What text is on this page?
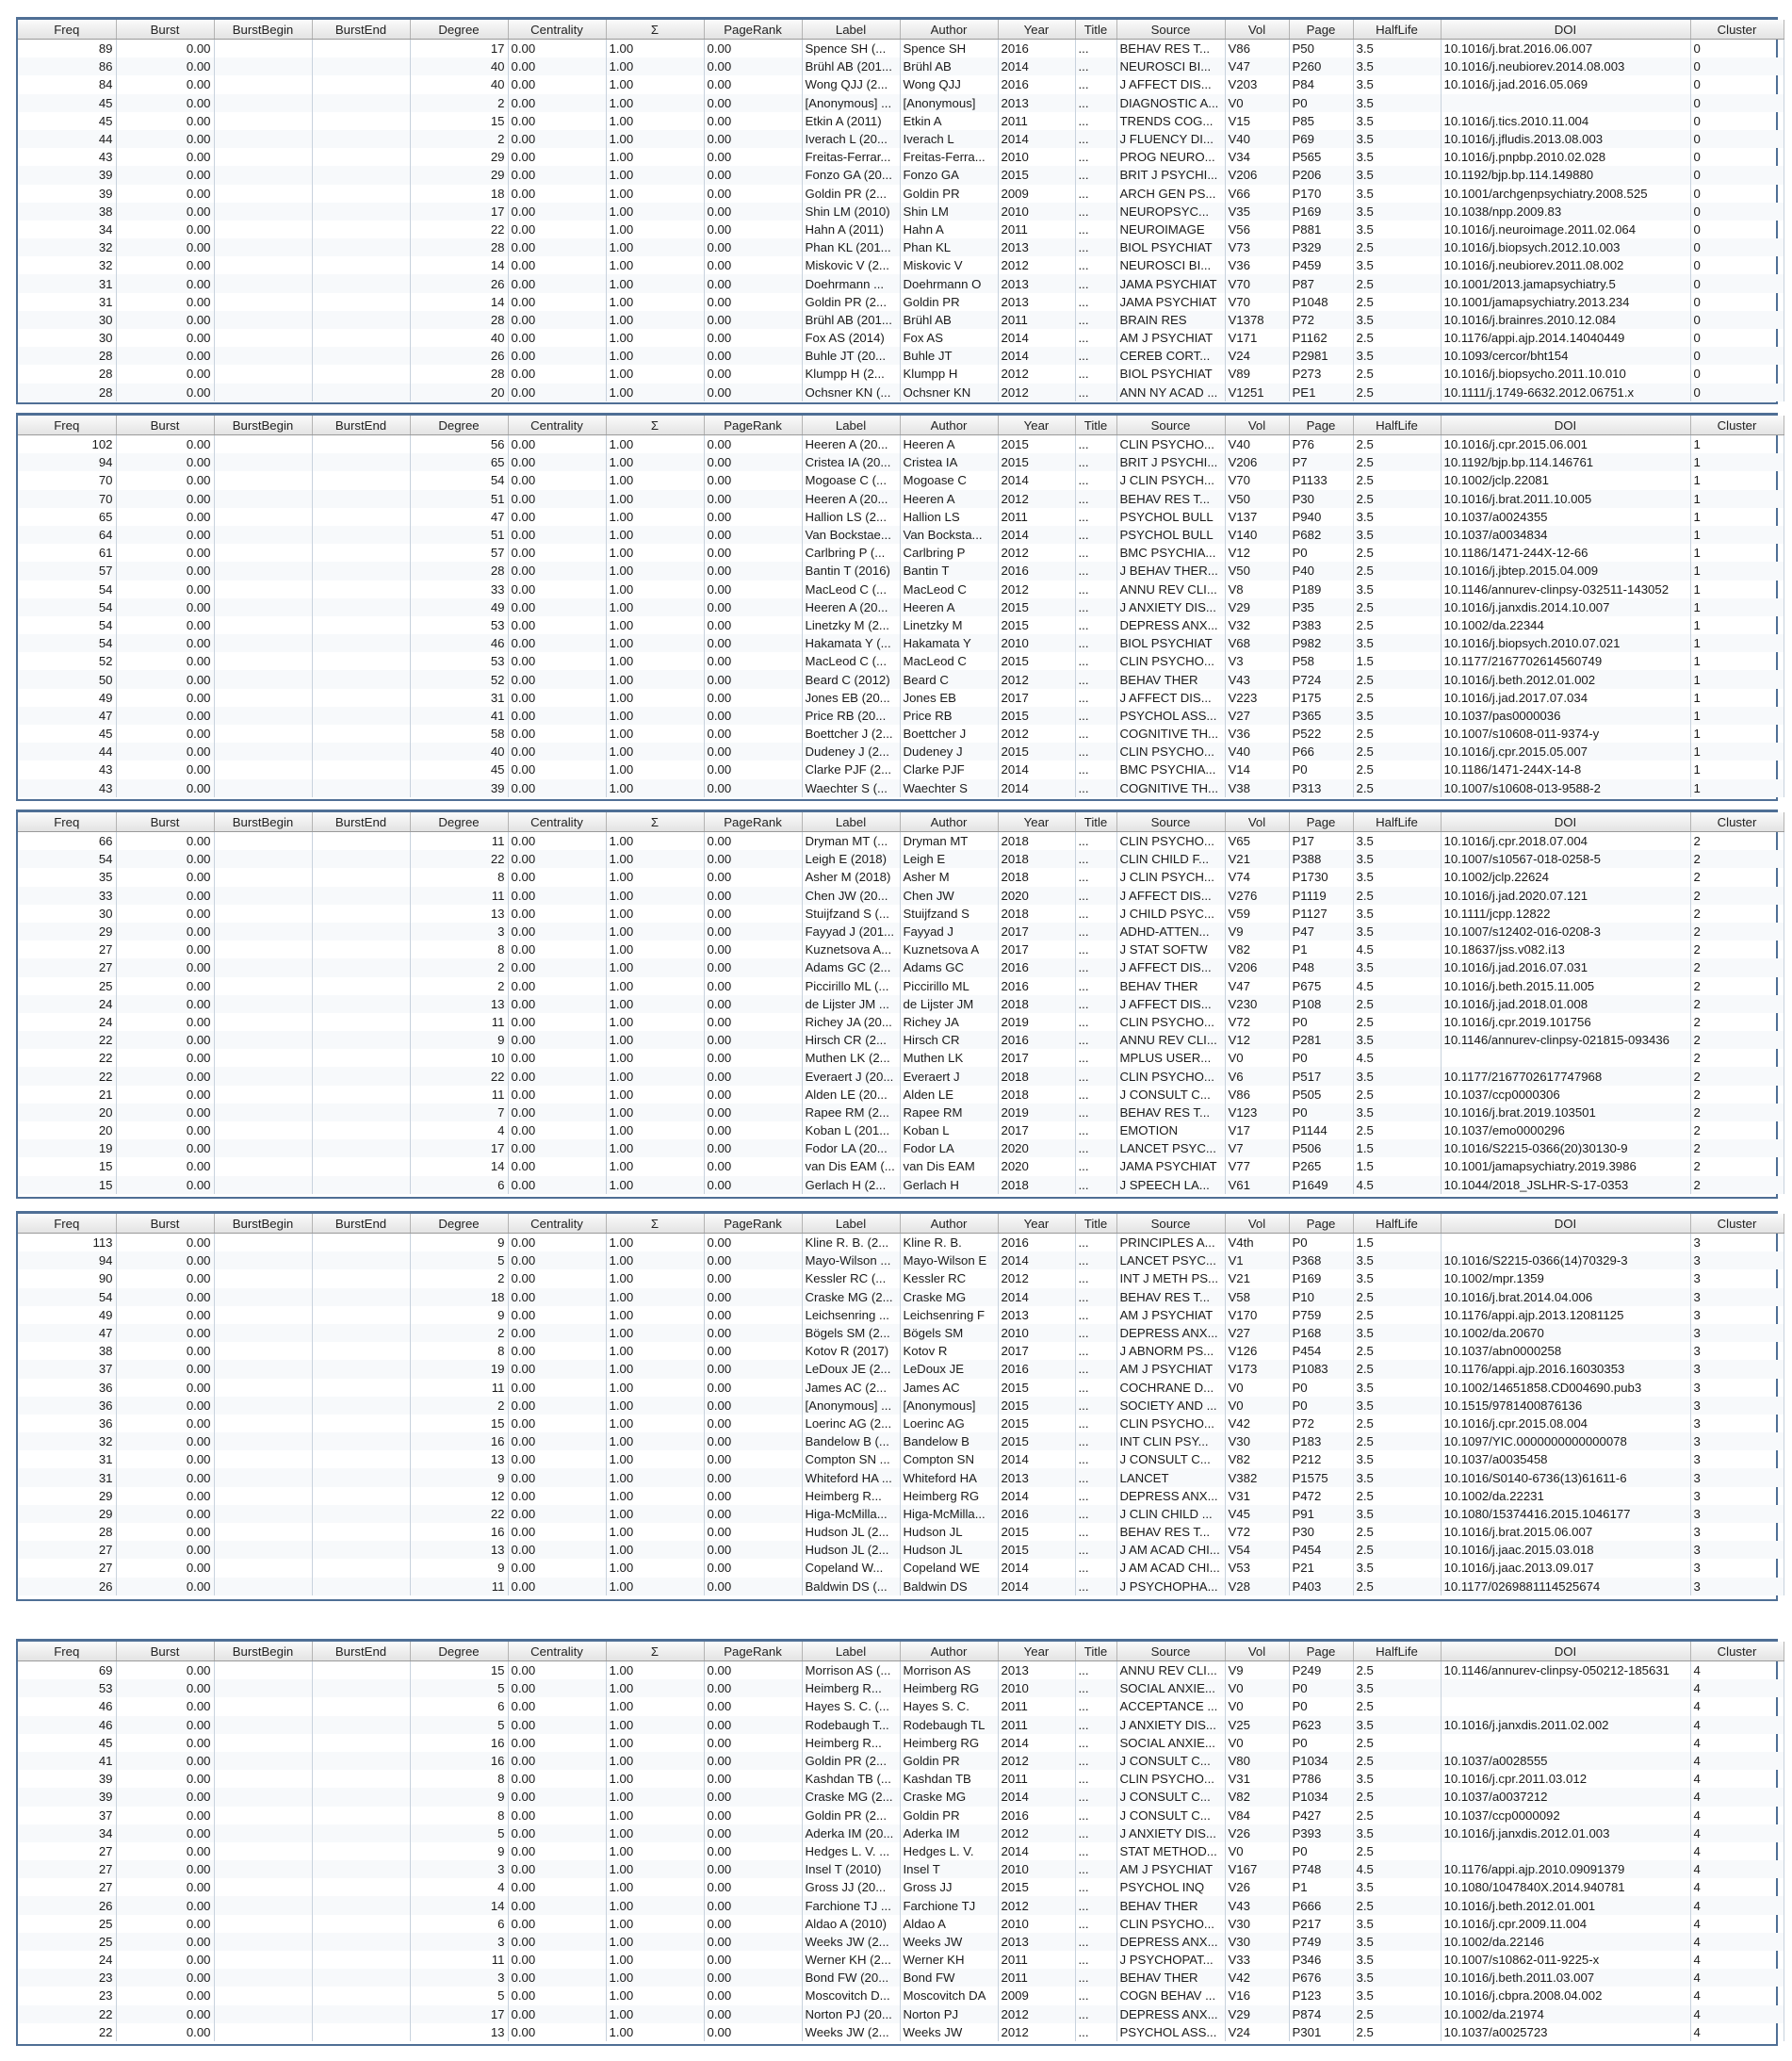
Freq	Burst	BurstBegin	BurstEnd	Degree	Centrality	Σ	PageRank	Label	Author	Year	Title	Source	Vol	Page	HalfLife	DOI	Cluster
89	0.00			17	0.00	1.00	0.00	Spence SH (...	Spence SH	2016	...	BEHAV RES T...	V86	P50	3.5	10.1016/j.brat.2016.06.007	0
86	0.00			40	0.00	1.00	0.00	Brühl AB (201...	Brühl AB	2014	...	NEUROSCI BI...	V47	P260	3.5	10.1016/j.neubiorev.2014.08.003	0
84	0.00			40	0.00	1.00	0.00	Wong QJJ (2...	Wong QJJ	2016	...	J AFFECT DIS...	V203	P84	3.5	10.1016/j.jad.2016.05.069	0
45	0.00			2	0.00	1.00	0.00	[Anonymous] ...	[Anonymous]	2013	...	DIAGNOSTIC A...	V0	P0	3.5		0
45	0.00			15	0.00	1.00	0.00	Etkin A (2011)	Etkin A	2011	...	TRENDS COG...	V15	P85	3.5	10.1016/j.tics.2010.11.004	0
44	0.00			2	0.00	1.00	0.00	Iverach L (20...	Iverach L	2014	...	J FLUENCY DI...	V40	P69	3.5	10.1016/j.jfludis.2013.08.003	0
43	0.00			29	0.00	1.00	0.00	Freitas-Ferrar...	Freitas-Ferra...	2010	...	PROG NEURO...	V34	P565	3.5	10.1016/j.pnpbp.2010.02.028	0
39	0.00			29	0.00	1.00	0.00	Fonzo GA (20...	Fonzo GA	2015	...	BRIT J PSYCHI...	V206	P206	3.5	10.1192/bjp.bp.114.149880	0
39	0.00			18	0.00	1.00	0.00	Goldin PR (2...	Goldin PR	2009	...	ARCH GEN PS...	V66	P170	3.5	10.1001/archgenpsychiatry.2008.525	0
38	0.00			17	0.00	1.00	0.00	Shin LM (2010)	Shin LM	2010	...	NEUROPSYC...	V35	P169	3.5	10.1038/npp.2009.83	0
34	0.00			22	0.00	1.00	0.00	Hahn A (2011)	Hahn A	2011	...	NEUROIMAGE	V56	P881	3.5	10.1016/j.neuroimage.2011.02.064	0
32	0.00			28	0.00	1.00	0.00	Phan KL (201...	Phan KL	2013	...	BIOL PSYCHIAT	V73	P329	2.5	10.1016/j.biopsych.2012.10.003	0
32	0.00			14	0.00	1.00	0.00	Miskovic V (2...	Miskovic V	2012	...	NEUROSCI BI...	V36	P459	3.5	10.1016/j.neubiorev.2011.08.002	0
31	0.00			26	0.00	1.00	0.00	Doehrmann ...	Doehrmann O	2013	...	JAMA PSYCHIAT	V70	P87	2.5	10.1001/2013.jamapsychiatry.5	0
31	0.00			14	0.00	1.00	0.00	Goldin PR (2...	Goldin PR	2013	...	JAMA PSYCHIAT	V70	P1048	2.5	10.1001/jamapsychiatry.2013.234	0
30	0.00			28	0.00	1.00	0.00	Brühl AB (201...	Brühl AB	2011	...	BRAIN RES	V1378	P72	3.5	10.1016/j.brainres.2010.12.084	0
30	0.00			40	0.00	1.00	0.00	Fox AS (2014)	Fox AS	2014	...	AM J PSYCHIAT	V171	P1162	2.5	10.1176/appi.ajp.2014.14040449	0
28	0.00			26	0.00	1.00	0.00	Buhle JT (20...	Buhle JT	2014	...	CEREB CORT...	V24	P2981	3.5	10.1093/cercor/bht154	0
28	0.00			28	0.00	1.00	0.00	Klumpp H (2...	Klumpp H	2012	...	BIOL PSYCHIAT	V89	P273	2.5	10.1016/j.biopsycho.2011.10.010	0
28	0.00			20	0.00	1.00	0.00	Ochsner KN (...	Ochsner KN	2012	...	ANN NY ACAD ...	V1251	PE1	2.5	10.1111/j.1749-6632.2012.06751.x	0
Freq	Burst	BurstBegin	BurstEnd	Degree	Centrality	Σ	PageRank	Label	Author	Year	Title	Source	Vol	Page	HalfLife	DOI	Cluster
102	0.00			56	0.00	1.00	0.00	Heeren A (20...	Heeren A	2015	...	CLIN PSYCHO...	V40	P76	2.5	10.1016/j.cpr.2015.06.001	1
94	0.00			65	0.00	1.00	0.00	Cristea IA (20...	Cristea IA	2015	...	BRIT J PSYCHI...	V206	P7	2.5	10.1192/bjp.bp.114.146761	1
70	0.00			54	0.00	1.00	0.00	Mogoase C (...	Mogoase C	2014	...	J CLIN PSYCH...	V70	P1133	2.5	10.1002/jclp.22081	1
70	0.00			51	0.00	1.00	0.00	Heeren A (20...	Heeren A	2012	...	BEHAV RES T...	V50	P30	2.5	10.1016/j.brat.2011.10.005	1
65	0.00			47	0.00	1.00	0.00	Hallion LS (2...	Hallion LS	2011	...	PSYCHOL BULL	V137	P940	3.5	10.1037/a0024355	1
64	0.00			51	0.00	1.00	0.00	Van Bockstae...	Van Bocksta...	2014	...	PSYCHOL BULL	V140	P682	3.5	10.1037/a0034834	1
61	0.00			57	0.00	1.00	0.00	Carlbring P (...	Carlbring P	2012	...	BMC PSYCHIA...	V12	P0	2.5	10.1186/1471-244X-12-66	1
57	0.00			28	0.00	1.00	0.00	Bantin T (2016)	Bantin T	2016	...	J BEHAV THER...	V50	P40	2.5	10.1016/j.jbtep.2015.04.009	1
54	0.00			33	0.00	1.00	0.00	MacLeod C (...	MacLeod C	2012	...	ANNU REV CLI...	V8	P189	3.5	10.1146/annurev-clinpsy-032511-143052	1
54	0.00			49	0.00	1.00	0.00	Heeren A (20...	Heeren A	2015	...	J ANXIETY DIS...	V29	P35	2.5	10.1016/j.janxdis.2014.10.007	1
54	0.00			53	0.00	1.00	0.00	Linetzky M (2...	Linetzky M	2015	...	DEPRESS ANX...	V32	P383	2.5	10.1002/da.22344	1
54	0.00			46	0.00	1.00	0.00	Hakamata Y (...	Hakamata Y	2010	...	BIOL PSYCHIAT	V68	P982	3.5	10.1016/j.biopsych.2010.07.021	1
52	0.00			53	0.00	1.00	0.00	MacLeod C (...	MacLeod C	2015	...	CLIN PSYCHO...	V3	P58	1.5	10.1177/2167702614560749	1
50	0.00			52	0.00	1.00	0.00	Beard C (2012)	Beard C	2012	...	BEHAV THER	V43	P724	2.5	10.1016/j.beth.2012.01.002	1
49	0.00			31	0.00	1.00	0.00	Jones EB (20...	Jones EB	2017	...	J AFFECT DIS...	V223	P175	2.5	10.1016/j.jad.2017.07.034	1
47	0.00			41	0.00	1.00	0.00	Price RB (20...	Price RB	2015	...	PSYCHOL ASS...	V27	P365	3.5	10.1037/pas0000036	1
45	0.00			58	0.00	1.00	0.00	Boettcher J (2...	Boettcher J	2012	...	COGNITIVE TH...	V36	P522	2.5	10.1007/s10608-011-9374-y	1
44	0.00			40	0.00	1.00	0.00	Dudeney J (2...	Dudeney J	2015	...	CLIN PSYCHO...	V40	P66	2.5	10.1016/j.cpr.2015.05.007	1
43	0.00			45	0.00	1.00	0.00	Clarke PJF (2...	Clarke PJF	2014	...	BMC PSYCHIA...	V14	P0	2.5	10.1186/1471-244X-14-8	1
43	0.00			39	0.00	1.00	0.00	Waechter S (...	Waechter S	2014	...	COGNITIVE TH...	V38	P313	2.5	10.1007/s10608-013-9588-2	1
Freq	Burst	BurstBegin	BurstEnd	Degree	Centrality	Σ	PageRank	Label	Author	Year	Title	Source	Vol	Page	HalfLife	DOI	Cluster
66	0.00			11	0.00	1.00	0.00	Dryman MT (...	Dryman MT	2018	...	CLIN PSYCHO...	V65	P17	3.5	10.1016/j.cpr.2018.07.004	2
54	0.00			22	0.00	1.00	0.00	Leigh E (2018)	Leigh E	2018	...	CLIN CHILD F...	V21	P388	3.5	10.1007/s10567-018-0258-5	2
35	0.00			8	0.00	1.00	0.00	Asher M (2018)	Asher M	2018	...	J CLIN PSYCH...	V74	P1730	3.5	10.1002/jclp.22624	2
33	0.00			11	0.00	1.00	0.00	Chen JW (20...	Chen JW	2020	...	J AFFECT DIS...	V276	P1119	2.5	10.1016/j.jad.2020.07.121	2
30	0.00			13	0.00	1.00	0.00	Stuijfzand S (...	Stuijfzand S	2018	...	J CHILD PSYC...	V59	P1127	3.5	10.1111/jcpp.12822	2
29	0.00			3	0.00	1.00	0.00	Fayyad J (201...	Fayyad J	2017	...	ADHD-ATTEN...	V9	P47	3.5	10.1007/s12402-016-0208-3	2
27	0.00			8	0.00	1.00	0.00	Kuznetsova A...	Kuznetsova A	2017	...	J STAT SOFTW	V82	P1	4.5	10.18637/jss.v082.i13	2
27	0.00			2	0.00	1.00	0.00	Adams GC (2...	Adams GC	2016	...	J AFFECT DIS...	V206	P48	3.5	10.1016/j.jad.2016.07.031	2
25	0.00			2	0.00	1.00	0.00	Piccirillo ML (...	Piccirillo ML	2016	...	BEHAV THER	V47	P675	4.5	10.1016/j.beth.2015.11.005	2
24	0.00			13	0.00	1.00	0.00	de Lijster JM ...	de Lijster JM	2018	...	J AFFECT DIS...	V230	P108	2.5	10.1016/j.jad.2018.01.008	2
24	0.00			11	0.00	1.00	0.00	Richey JA (20...	Richey JA	2019	...	CLIN PSYCHO...	V72	P0	2.5	10.1016/j.cpr.2019.101756	2
22	0.00			9	0.00	1.00	0.00	Hirsch CR (2...	Hirsch CR	2016	...	ANNU REV CLI...	V12	P281	3.5	10.1146/annurev-clinpsy-021815-093436	2
22	0.00			10	0.00	1.00	0.00	Muthen LK (2...	Muthen LK	2017	...	MPLUS USER...	V0	P0	4.5		2
22	0.00			22	0.00	1.00	0.00	Everaert J (20...	Everaert J	2018	...	CLIN PSYCHO...	V6	P517	3.5	10.1177/2167702617747968	2
21	0.00			11	0.00	1.00	0.00	Alden LE (20...	Alden LE	2018	...	J CONSULT C...	V86	P505	2.5	10.1037/ccp0000306	2
20	0.00			7	0.00	1.00	0.00	Rapee RM (2...	Rapee RM	2019	...	BEHAV RES T...	V123	P0	3.5	10.1016/j.brat.2019.103501	2
20	0.00			4	0.00	1.00	0.00	Koban L (201...	Koban L	2017	...	EMOTION	V17	P1144	2.5	10.1037/emo0000296	2
19	0.00			17	0.00	1.00	0.00	Fodor LA (20...	Fodor LA	2020	...	LANCET PSYC...	V7	P506	1.5	10.1016/S2215-0366(20)30130-9	2
15	0.00			14	0.00	1.00	0.00	van Dis EAM (...	van Dis EAM	2020	...	JAMA PSYCHIAT	V77	P265	1.5	10.1001/jamapsychiatry.2019.3986	2
15	0.00			6	0.00	1.00	0.00	Gerlach H (2...	Gerlach H	2018	...	J SPEECH LA...	V61	P1649	4.5	10.1044/2018_JSLHR-S-17-0353	2
Freq	Burst	BurstBegin	BurstEnd	Degree	Centrality	Σ	PageRank	Label	Author	Year	Title	Source	Vol	Page	HalfLife	DOI	Cluster
113	0.00			9	0.00	1.00	0.00	Kline R. B. (2...	Kline R. B.	2016	...	PRINCIPLES A...	V4th	P0	1.5		3
94	0.00			5	0.00	1.00	0.00	Mayo-Wilson ...	Mayo-Wilson E	2014	...	LANCET PSYC...	V1	P368	3.5	10.1016/S2215-0366(14)70329-3	3
90	0.00			2	0.00	1.00	0.00	Kessler RC (...	Kessler RC	2012	...	INT J METH PS...	V21	P169	3.5	10.1002/mpr.1359	3
54	0.00			18	0.00	1.00	0.00	Craske MG (2...	Craske MG	2014	...	BEHAV RES T...	V58	P10	2.5	10.1016/j.brat.2014.04.006	3
49	0.00			9	0.00	1.00	0.00	Leichsenring ...	Leichsenring F	2013	...	AM J PSYCHIAT	V170	P759	2.5	10.1176/appi.ajp.2013.12081125	3
47	0.00			2	0.00	1.00	0.00	Bögels SM (2...	Bögels SM	2010	...	DEPRESS ANX...	V27	P168	3.5	10.1002/da.20670	3
38	0.00			8	0.00	1.00	0.00	Kotov R (2017)	Kotov R	2017	...	J ABNORM PS...	V126	P454	2.5	10.1037/abn0000258	3
37	0.00			19	0.00	1.00	0.00	LeDoux JE (2...	LeDoux JE	2016	...	AM J PSYCHIAT	V173	P1083	2.5	10.1176/appi.ajp.2016.16030353	3
36	0.00			11	0.00	1.00	0.00	James AC (2...	James AC	2015	...	COCHRANE D...	V0	P0	3.5	10.1002/14651858.CD004690.pub3	3
36	0.00			2	0.00	1.00	0.00	[Anonymous] ...	[Anonymous]	2015	...	SOCIETY AND ...	V0	P0	3.5	10.1515/9781400876136	3
36	0.00			15	0.00	1.00	0.00	Loerinc AG (2...	Loerinc AG	2015	...	CLIN PSYCHO...	V42	P72	2.5	10.1016/j.cpr.2015.08.004	3
32	0.00			16	0.00	1.00	0.00	Bandelow B (...	Bandelow B	2015	...	INT CLIN PSY...	V30	P183	2.5	10.1097/YIC.0000000000000078	3
31	0.00			13	0.00	1.00	0.00	Compton SN ...	Compton SN	2014	...	J CONSULT C...	V82	P212	3.5	10.1037/a0035458	3
31	0.00			9	0.00	1.00	0.00	Whiteford HA ...	Whiteford HA	2013	...	LANCET	V382	P1575	3.5	10.1016/S0140-6736(13)61611-6	3
29	0.00			12	0.00	1.00	0.00	Heimberg R...	Heimberg RG	2014	...	DEPRESS ANX...	V31	P472	2.5	10.1002/da.22231	3
29	0.00			22	0.00	1.00	0.00	Higa-McMilla...	Higa-McMilla...	2016	...	J CLIN CHILD ...	V45	P91	3.5	10.1080/15374416.2015.1046177	3
28	0.00			16	0.00	1.00	0.00	Hudson JL (2...	Hudson JL	2015	...	BEHAV RES T...	V72	P30	2.5	10.1016/j.brat.2015.06.007	3
27	0.00			13	0.00	1.00	0.00	Hudson JL (2...	Hudson JL	2015	...	J AM ACAD CHI...	V54	P454	2.5	10.1016/j.jaac.2015.03.018	3
27	0.00			9	0.00	1.00	0.00	Copeland W...	Copeland WE	2014	...	J AM ACAD CHI...	V53	P21	3.5	10.1016/j.jaac.2013.09.017	3
26	0.00			11	0.00	1.00	0.00	Baldwin DS (...	Baldwin DS	2014	...	J PSYCHOPHA...	V28	P403	2.5	10.1177/0269881114525674	3
Freq	Burst	BurstBegin	BurstEnd	Degree	Centrality	Σ	PageRank	Label	Author	Year	Title	Source	Vol	Page	HalfLife	DOI	Cluster
69	0.00			15	0.00	1.00	0.00	Morrison AS (...	Morrison AS	2013	...	ANNU REV CLI...	V9	P249	2.5	10.1146/annurev-clinpsy-050212-185631	4
53	0.00			5	0.00	1.00	0.00	Heimberg R...	Heimberg RG	2010	...	SOCIAL ANXIE...	V0	P0	3.5		4
46	0.00			6	0.00	1.00	0.00	Hayes S. C. (...	Hayes S. C.	2011	...	ACCEPTANCE ...	V0	P0	2.5		4
46	0.00			5	0.00	1.00	0.00	Rodebaugh T...	Rodebaugh TL	2011	...	J ANXIETY DIS...	V25	P623	3.5	10.1016/j.janxdis.2011.02.002	4
45	0.00			16	0.00	1.00	0.00	Heimberg R...	Heimberg RG	2014	...	SOCIAL ANXIE...	V0	P0	2.5		4
41	0.00			16	0.00	1.00	0.00	Goldin PR (2...	Goldin PR	2012	...	J CONSULT C...	V80	P1034	2.5	10.1037/a0028555	4
39	0.00			8	0.00	1.00	0.00	Kashdan TB (...	Kashdan TB	2011	...	CLIN PSYCHO...	V31	P786	3.5	10.1016/j.cpr.2011.03.012	4
39	0.00			9	0.00	1.00	0.00	Craske MG (2...	Craske MG	2014	...	J CONSULT C...	V82	P1034	2.5	10.1037/a0037212	4
37	0.00			8	0.00	1.00	0.00	Goldin PR (2...	Goldin PR	2016	...	J CONSULT C...	V84	P427	2.5	10.1037/ccp0000092	4
34	0.00			5	0.00	1.00	0.00	Aderka IM (20...	Aderka IM	2012	...	J ANXIETY DIS...	V26	P393	3.5	10.1016/j.janxdis.2012.01.003	4
27	0.00			9	0.00	1.00	0.00	Hedges L. V. ...	Hedges L. V.	2014	...	STAT METHOD...	V0	P0	2.5		4
27	0.00			3	0.00	1.00	0.00	Insel T (2010)	Insel T	2010	...	AM J PSYCHIAT	V167	P748	4.5	10.1176/appi.ajp.2010.09091379	4
27	0.00			4	0.00	1.00	0.00	Gross JJ (20...	Gross JJ	2015	...	PSYCHOL INQ	V26	P1	3.5	10.1080/1047840X.2014.940781	4
26	0.00			14	0.00	1.00	0.00	Farchione TJ ...	Farchione TJ	2012	...	BEHAV THER	V43	P666	2.5	10.1016/j.beth.2012.01.001	4
25	0.00			6	0.00	1.00	0.00	Aldao A (2010)	Aldao A	2010	...	CLIN PSYCHO...	V30	P217	3.5	10.1016/j.cpr.2009.11.004	4
25	0.00			3	0.00	1.00	0.00	Weeks JW (2...	Weeks JW	2013	...	DEPRESS ANX...	V30	P749	3.5	10.1002/da.22146	4
24	0.00			11	0.00	1.00	0.00	Werner KH (2...	Werner KH	2011	...	J PSYCHOPAT...	V33	P346	3.5	10.1007/s10862-011-9225-x	4
23	0.00			3	0.00	1.00	0.00	Bond FW (20...	Bond FW	2011	...	BEHAV THER	V42	P676	3.5	10.1016/j.beth.2011.03.007	4
23	0.00			5	0.00	1.00	0.00	Moscovitch D...	Moscovitch DA	2009	...	COGN BEHAV ...	V16	P123	3.5	10.1016/j.cbpra.2008.04.002	4
22	0.00			17	0.00	1.00	0.00	Norton PJ (20...	Norton PJ	2012	...	DEPRESS ANX...	V29	P874	2.5	10.1002/da.21974	4
22	0.00			13	0.00	1.00	0.00	Weeks JW (2...	Weeks JW	2012	...	PSYCHOL ASS...	V24	P301	2.5	10.1037/a0025723	4
